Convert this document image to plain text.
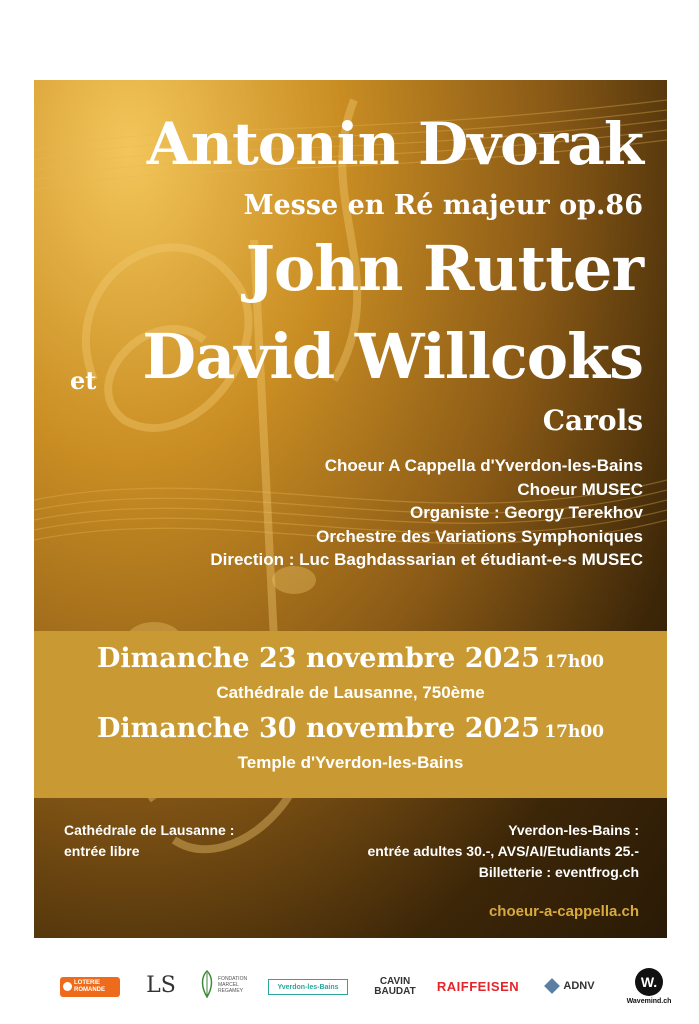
Antonin Dvorak
Messe en Ré majeur op.86
John Rutter
et David Willcoks
Carols
Choeur A Cappella d'Yverdon-les-Bains
Choeur MUSEC
Organiste : Georgy Terekhov
Orchestre des Variations Symphoniques
Direction : Luc Baghdassarian et étudiant-e-s MUSEC
Dimanche 23 novembre 2025 17h00
Cathédrale de Lausanne, 750ème
Dimanche 30 novembre 2025 17h00
Temple d'Yverdon-les-Bains
Cathédrale de Lausanne :
entrée libre
Yverdon-les-Bains :
entrée adultes 30.-, AVS/AI/Etudiants 25.-
Billetterie : eventfrog.ch
choeur-a-cappella.ch
LOTERIE ROMANDE	LS	FONDATION MARCEL REGAMEY
Yverdon-les-Bains	CAVIN
BAUDAT RAIFFEISEN	ADNV	W.
Wavemind.ch
